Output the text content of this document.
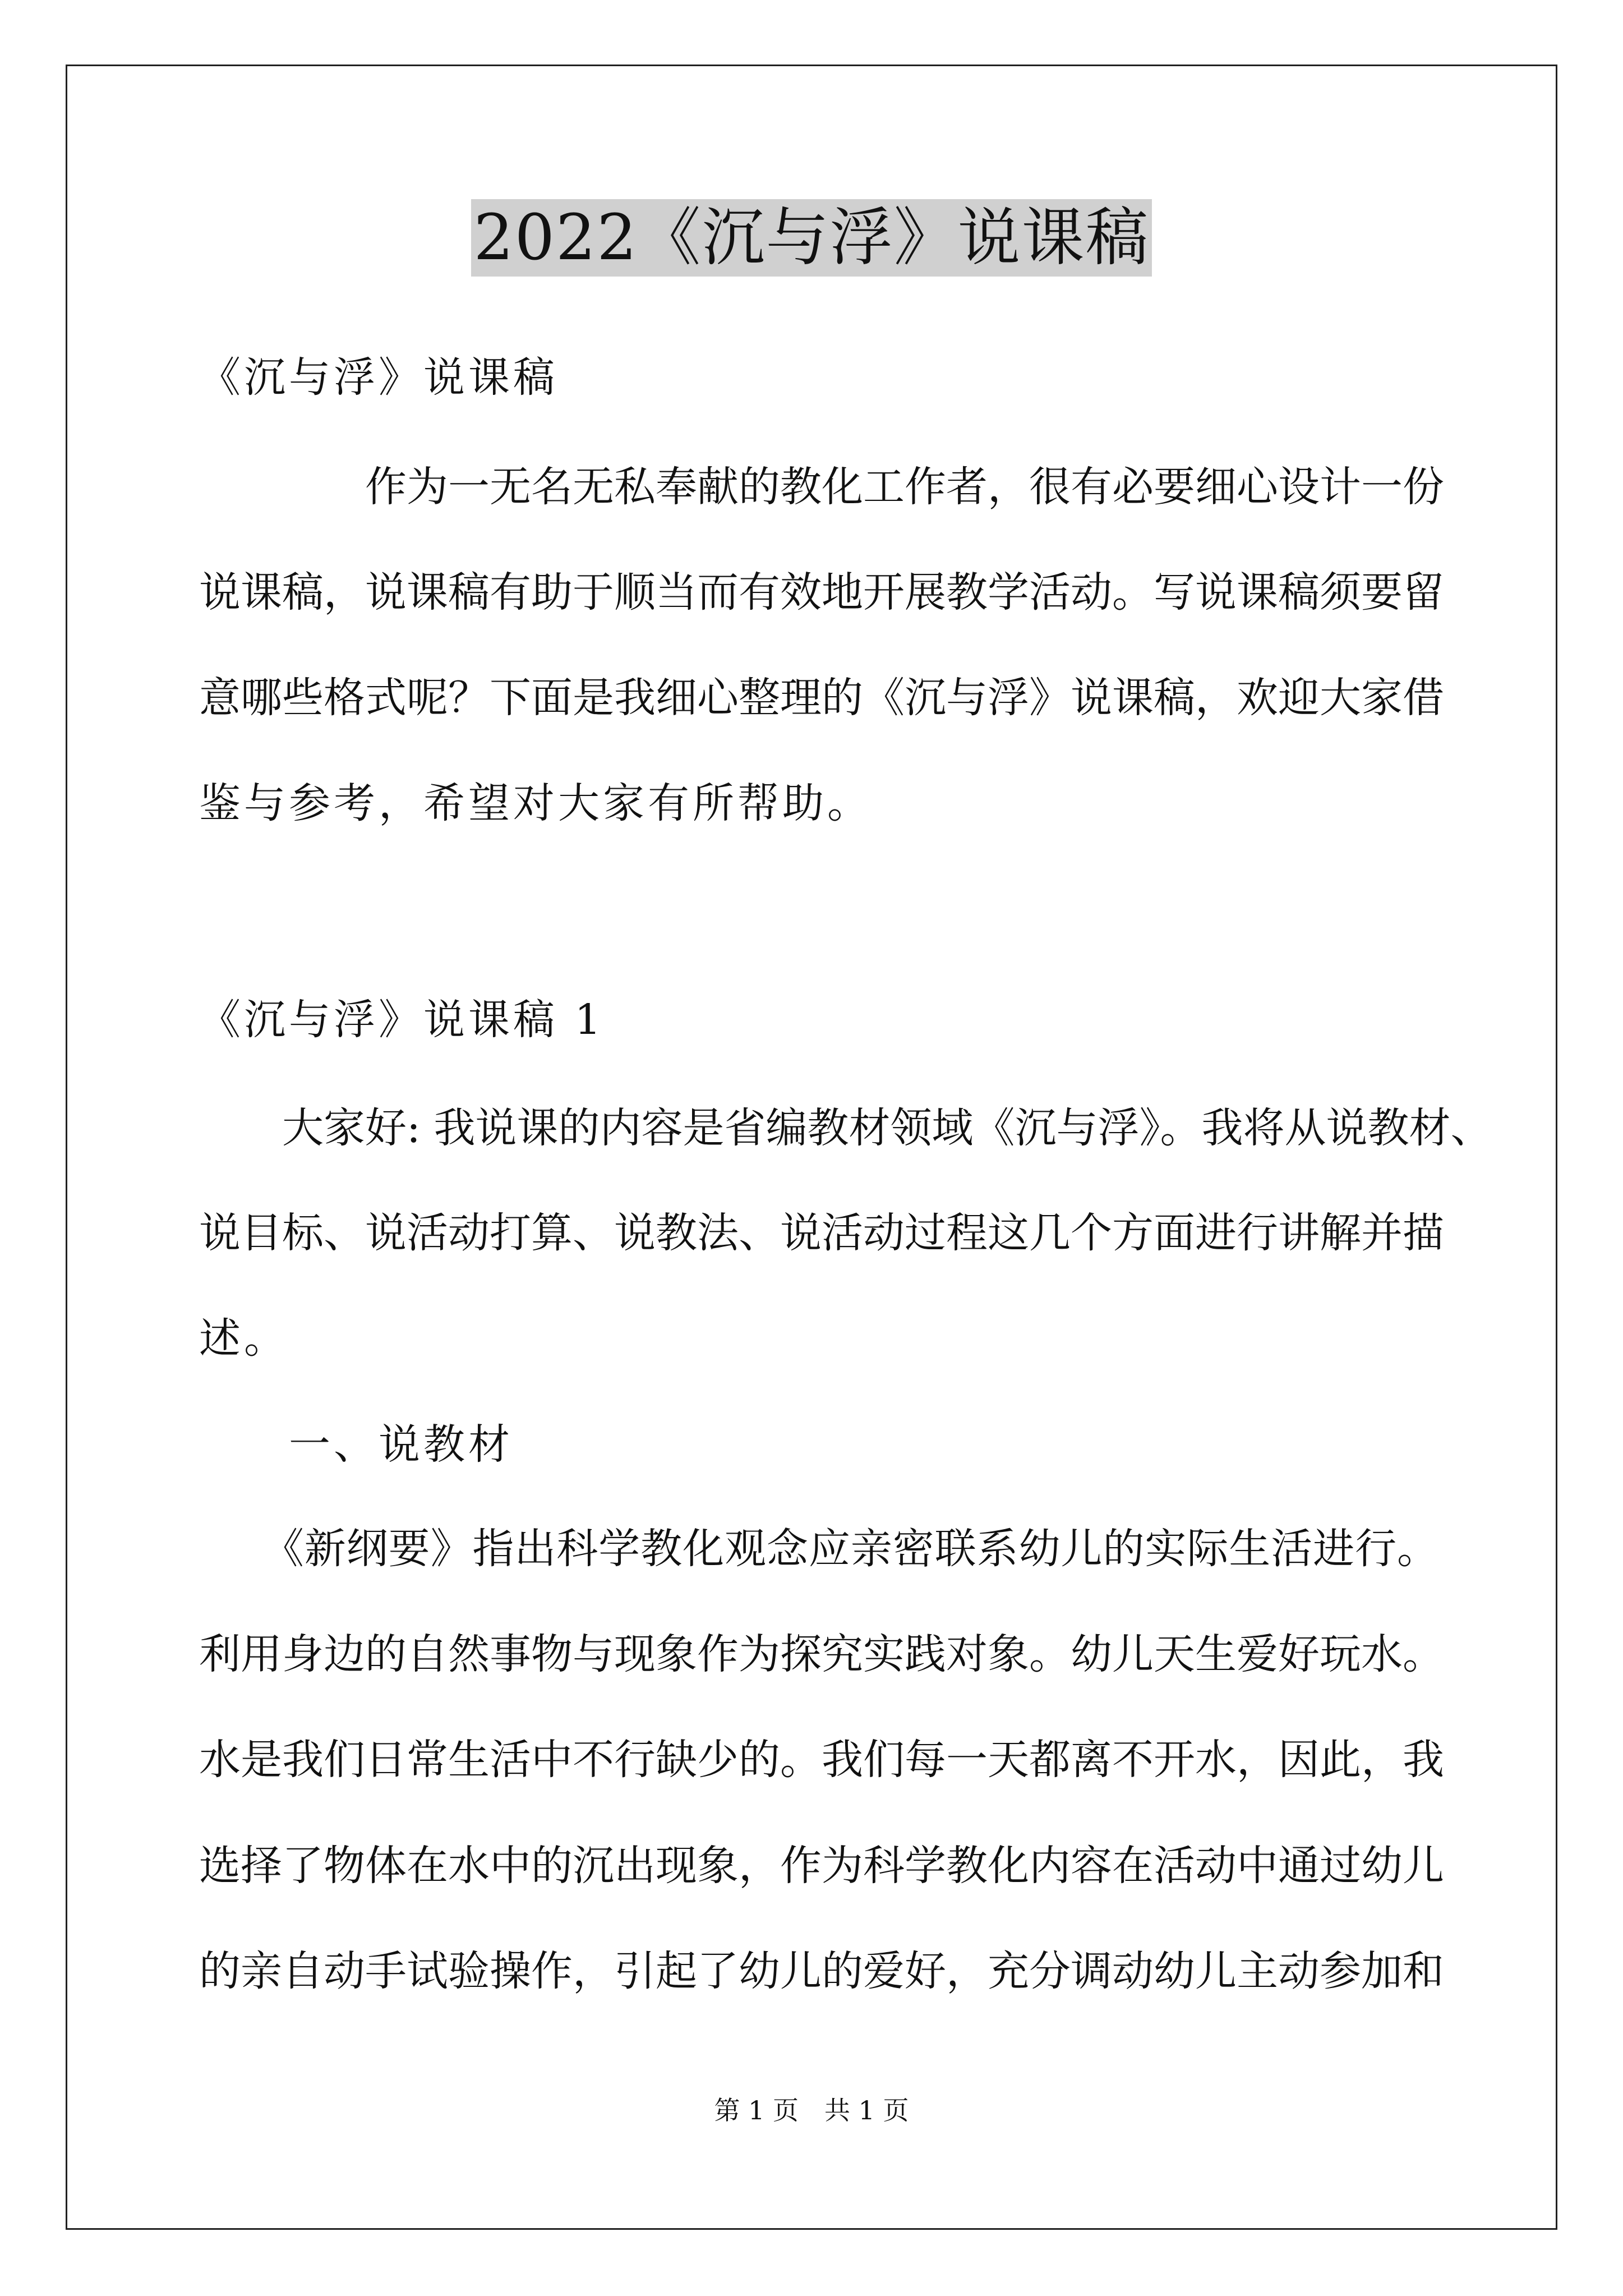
2022《沉与浮》说课稿
《沉与浮》说课稿
　　　　作为一无名无私奉献的教化工作者，很有必要细心设计一份
说课稿，说课稿有助于顺当而有效地开展教学活动。写说课稿须要留
意哪些格式呢？下面是我细心整理的《沉与浮》说课稿，欢迎大家借
鉴与参考，希望对大家有所帮助。
《沉与浮》说课稿 1
　　大家好: 我说课的内容是省编教材领域《沉与浮》。我将从说教材、
说目标、说活动打算、说教法、说活动过程这几个方面进行讲解并描
述。
　　一、说教材
　　《新纲要》指出科学教化观念应亲密联系幼儿的实际生活进行。
利用身边的自然事物与现象作为探究实践对象。幼儿天生爱好玩水。
水是我们日常生活中不行缺少的。我们每一天都离不开水，因此，我
选择了物体在水中的沉出现象，作为科学教化内容在活动中通过幼儿
的亲自动手试验操作，引起了幼儿的爱好，充分调动幼儿主动参加和
第 1 页　共 1 页
